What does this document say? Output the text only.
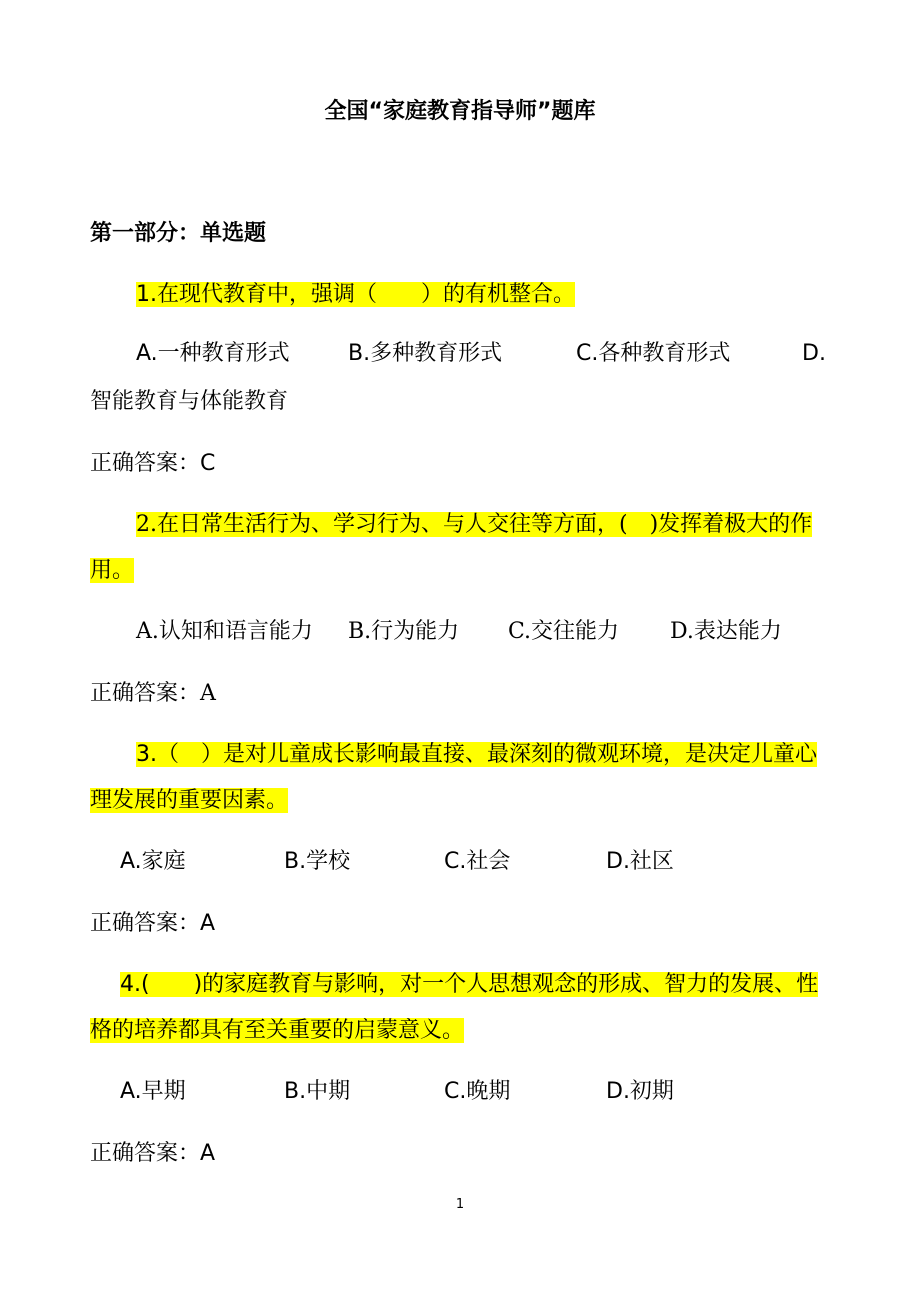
全国“家庭教育指导师”题库
第一部分：单选题

1.在现代教育中，强调（　　）的有机整合。

A.一种教育形式	B.多种教育形式	C.各种教育形式	D.
智能教育与体能教育
正确答案：C

2.在日常生活行为、学习行为、与人交往等方面，(　)发挥着极大的作用。

A.认知和语言能力 B.行为能力 C.交往能力 D.表达能力
正确答案：A

3.（　）是对儿童成长影响最直接、最深刻的微观环境，是决定儿童心理发展的重要因素。

A.家庭	B.学校	C.社会	D.社区
正确答案：A

4.(　　)的家庭教育与影响，对一个人思想观念的形成、智力的发展、性格的培养都具有至关重要的启蒙意义。

A.早期	B.中期	C.晚期	D.初期
正确答案：A
1
